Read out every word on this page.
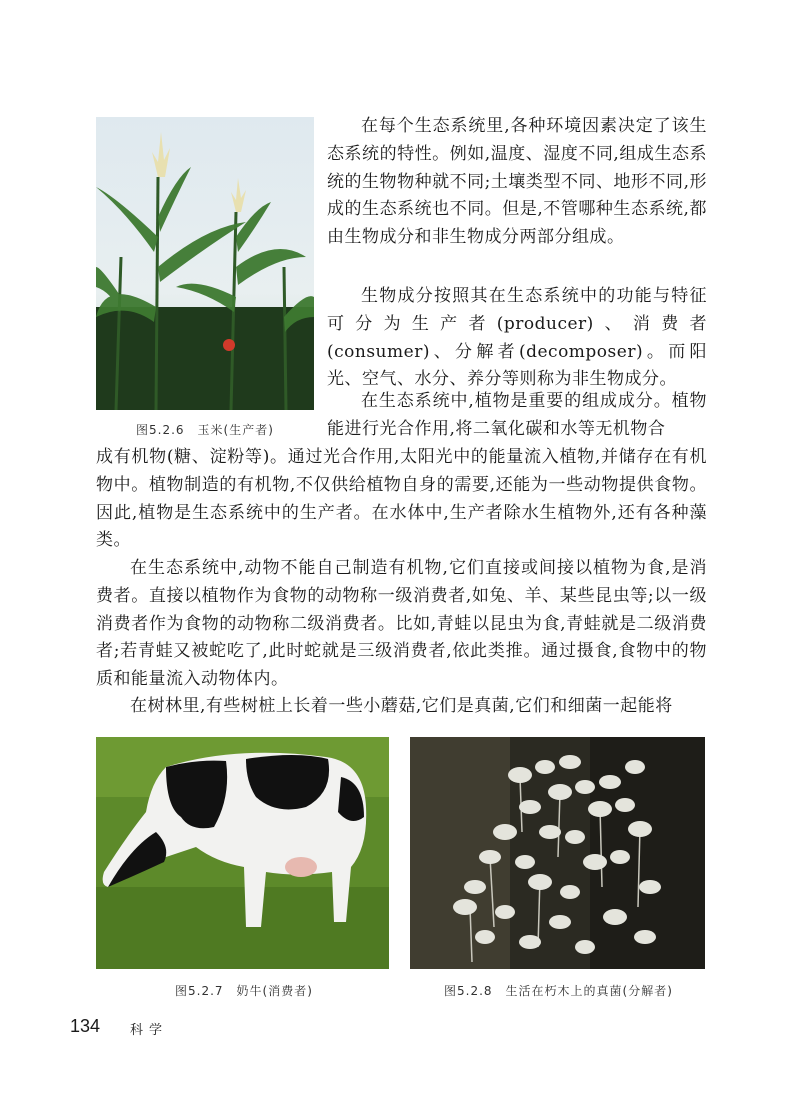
图5.2.6　玉米(生产者)

在每个生态系统里,各种环境因素决定了该生态系统的特性。例如,温度、湿度不同,组成生态系统的生物物种就不同;土壤类型不同、地形不同,形成的生态系统也不同。但是,不管哪种生态系统,都由生物成分和非生物成分两部分组成。

生物成分按照其在生态系统中的功能与特征可分为生产者(producer)、消费者(consumer)、分解者(decomposer)。而阳光、空气、水分、养分等则称为非生物成分。

在生态系统中,植物是重要的组成成分。植物能进行光合作用,将二氧化碳和水等无机物合

成有机物(糖、淀粉等)。通过光合作用,太阳光中的能量流入植物,并储存在有机物中。植物制造的有机物,不仅供给植物自身的需要,还能为一些动物提供食物。因此,植物是生态系统中的生产者。在水体中,生产者除水生植物外,还有各种藻类。

在生态系统中,动物不能自己制造有机物,它们直接或间接以植物为食,是消费者。直接以植物作为食物的动物称一级消费者,如兔、羊、某些昆虫等;以一级消费者作为食物的动物称二级消费者。比如,青蛙以昆虫为食,青蛙就是二级消费者;若青蛙又被蛇吃了,此时蛇就是三级消费者,依此类推。通过摄食,食物中的物质和能量流入动物体内。

在树林里,有些树桩上长着一些小蘑菇,它们是真菌,它们和细菌一起能将

图5.2.7　奶牛(消费者)	图5.2.8　生活在朽木上的真菌(分解者)
134 科学
